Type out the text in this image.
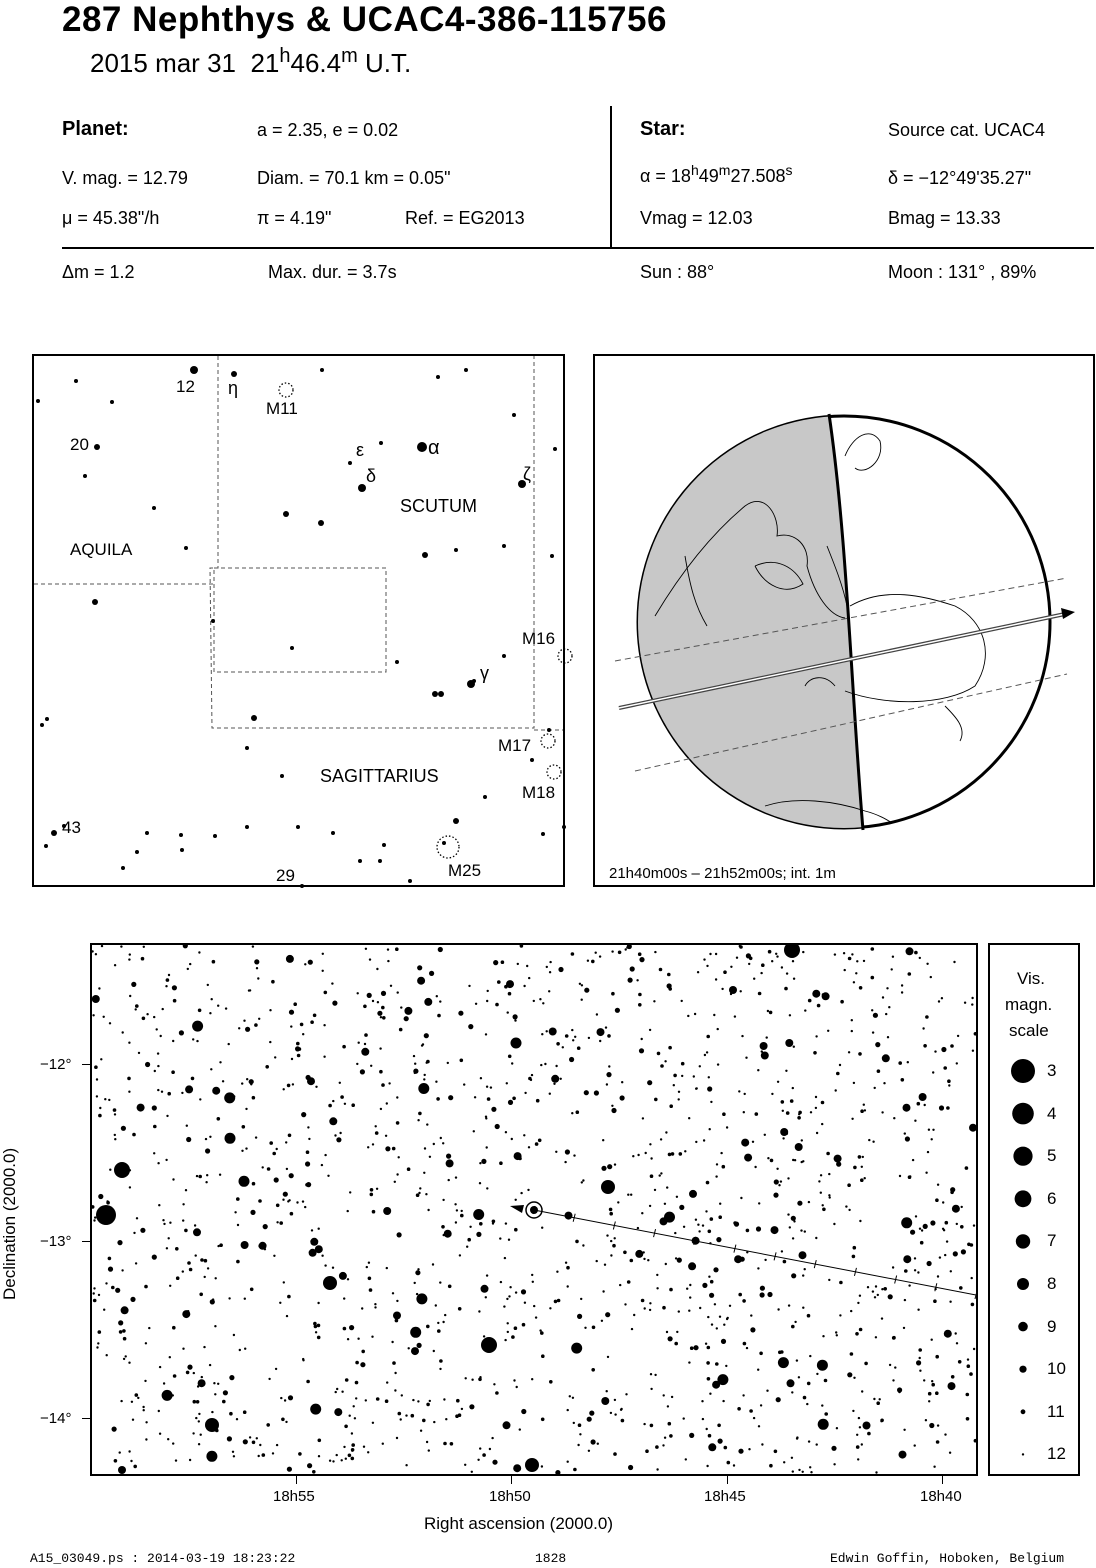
287 Nephthys & UCAC4-386-115756
2015 mar 31 21$^h$46.4$^m$ U.T.
Planet:	a = 2.35, e = 0.02
V. mag. = 12.79	Diam. = 70.1 km = 0.05"
μ = 45.38"/h	π = 4.19"	Ref. = EG2013
Star:	Source cat. UCAC4
$\alpha = 18^h49^m27.508^s$	δ = −12°49'35.27"
Vmag = 12.03	Bmag = 13.33
Δm = 1.2	Max. dur. = 3.7s	Sun : 88°	Moon : 131° , 89%
12 η
M11
20	ε
δ
α
ζ
SCUTUM
AQUILA
M16
γ
M17
SAGITTARIUS
M18
43
M25
29	21h40m00s – 21h52m00s; int. 1m
−12°
−13°
−14°
Declination (2000.0)
18h55	18h50	18h45	18h40
Right ascension (2000.0)
Vis.
magn.
scale
3
4
5
6
7
8
9
10
11
12
A15_03049.ps : 2014-03-19 18:23:22	1828	Edwin Goffin, Hoboken, Belgium
